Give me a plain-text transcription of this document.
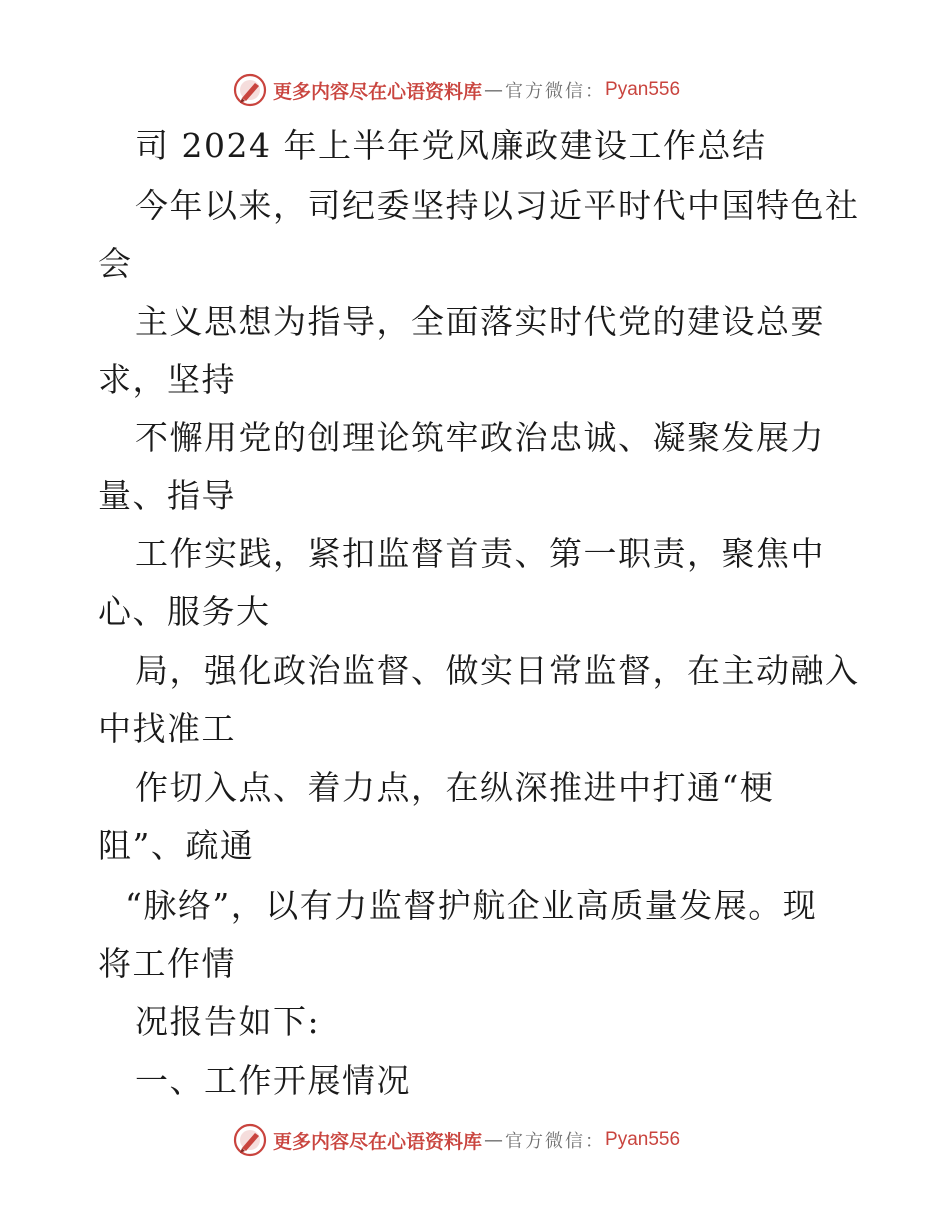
更多内容尽在心语资料库 — 官方微信： Pyan556
司 2024 年上半年党风廉政建设工作总结
今年以来，司纪委坚持以习近平时代中国特色社
会
主义思想为指导，全面落实时代党的建设总要
求，坚持
不懈用党的创理论筑牢政治忠诚、凝聚发展力
量、指导
工作实践，紧扣监督首责、第一职责，聚焦中
心、服务大
局，强化政治监督、做实日常监督，在主动融入
中找准工
作切入点、着力点，在纵深推进中打通“梗
阻”、疏通
“脉络”，以有力监督护航企业高质量发展。现
将工作情
况报告如下:
一、工作开展情况
更多内容尽在心语资料库 — 官方微信： Pyan556
